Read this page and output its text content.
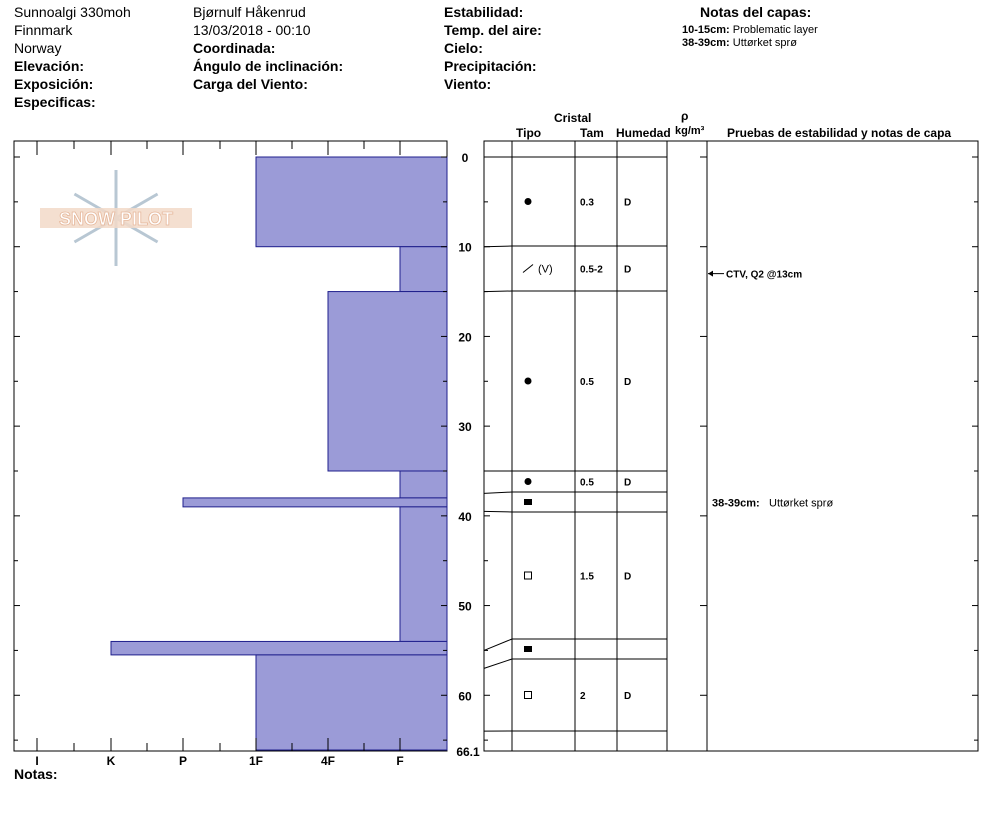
Sunnoalgi 330moh
Finnmark
Norway
Elevación:
Exposición:
Especificas:
Bjørnulf Håkenrud
13/03/2018 - 00:10
Coordinada:
Ángulo de inclinación:
Carga del Viento:
Estabilidad:
Temp. del aire:
Cielo:
Precipitación:
Viento:
Notas del capas:
10-15cm: Problematic layer
38-39cm: Uttørket sprø
Cristal
Tipo	Tam Humedad
ρ
kg/m³ Pruebas de estabilidad y notas de capa
Notas:
SNOW PILOT
0
10
20
30
40
50
60
66.1
I	K	P	1F	4F	F
0.3	D
(V)	0.5-2 D
0.5	D
0.5	D
1.5	D
2	D
CTV, Q2 @13cm
38-39cm: Uttørket sprø
